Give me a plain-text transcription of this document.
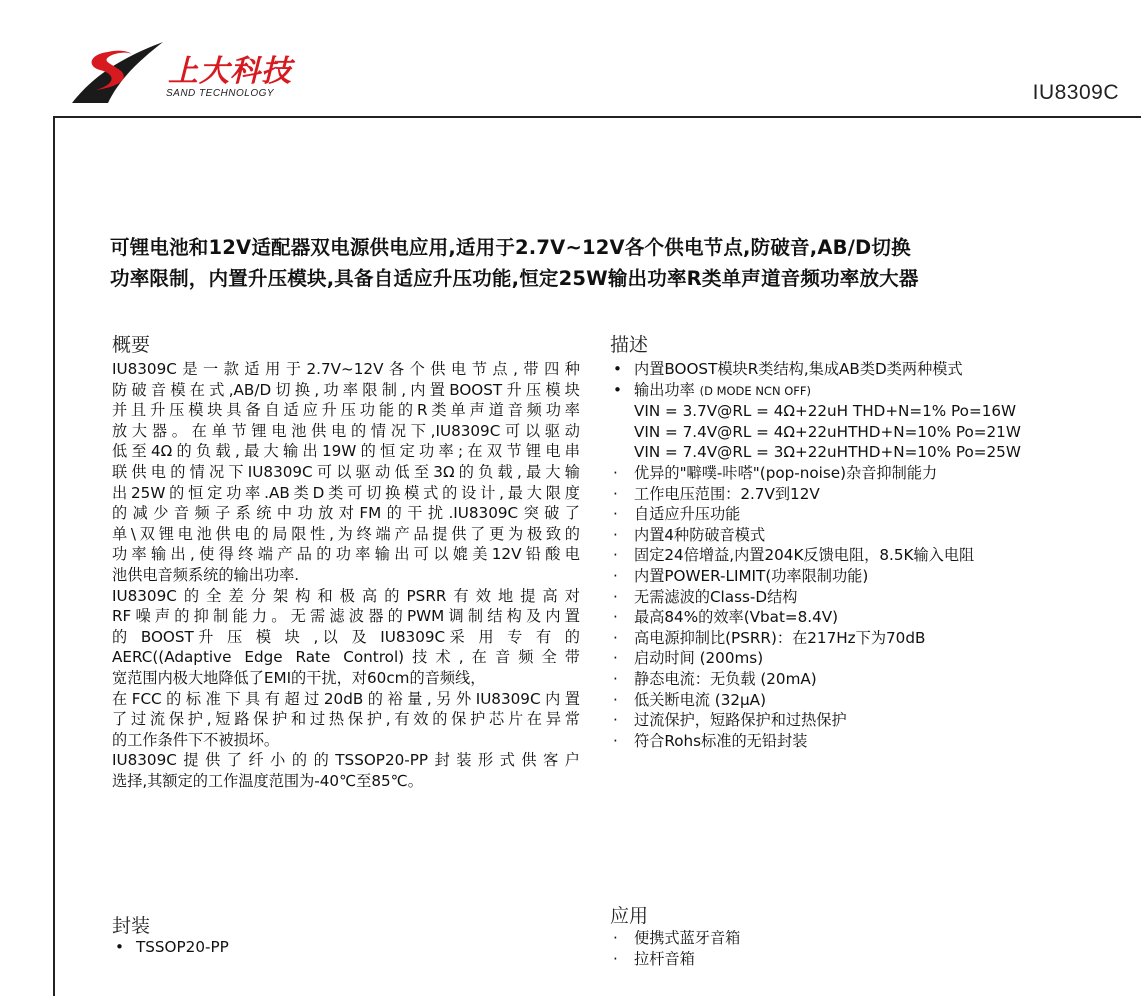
上大科技
SAND TECHNOLOGY	IU8309C
可锂电池和12V适配器双电源供电应用,适用于2.7V~12V各个供电节点,防破音,AB/D切换
功率限制，内置升压模块,具备自适应升压功能,恒定25W输出功率R类单声道音频功率放大器
概要

IU8309C是一款适用于2.7V~12V各个供电节点,带四种

防破音模在式,AB/D切换,功率限制,内置BOOST升压模块

并且升压模块具备自适应升压功能的R类单声道音频功率

放大器。在单节锂电池供电的情况下,IU8309C可以驱动

低至4Ω的负载,最大输出19W的恒定功率;在双节锂电串

联供电的情况下IU8309C可以驱动低至3Ω的负载,最大输

出25W的恒定功率.AB类D类可切换模式的设计,最大限度

的减少音频子系统中功放对FM的干扰.IU8309C突破了

单\双锂电池供电的局限性,为终端产品提供了更为极致的

功率输出,使得终端产品的功率输出可以媲美12V铅酸电

池供电音频系统的输出功率.

IU8309C的全差分架构和极高的PSRR有效地提高对

RF噪声的抑制能力。无需滤波器的PWM调制结构及内置

的 BOOST升 压 模 块 ,以 及 IU8309C采 用 专 有 的

AERC((Adaptive Edge Rate Control)技术,在音频全带

宽范围内极大地降低了EMI的干扰，对60cm的音频线，

在FCC的标准下具有超过20dB的裕量,另外IU8309C内置

了过流保护,短路保护和过热保护,有效的保护芯片在异常

的工作条件下不被损坏。

IU8309C提供了纤小的的TSSOP20-PP封装形式供客户

选择,其额定的工作温度范围为-40℃至85℃。

描述
• 内置BOOST模块R类结构,集成AB类D类两种模式
• 输出功率 (D MODE NCN OFF)
VIN = 3.7V@RL = 4Ω+22uH THD+N=1% Po=16W
VIN = 7.4V@RL = 4Ω+22uHTHD+N=10% Po=21W
VIN = 7.4V@RL = 3Ω+22uHTHD+N=10% Po=25W
· 优异的"噼噗-咔嗒"(pop-noise)杂音抑制能力
· 工作电压范围：2.7V到12V
· 自适应升压功能
· 内置4种防破音模式
· 固定24倍增益,内置204K反馈电阻，8.5K输入电阻
· 内置POWER-LIMIT(功率限制功能)
· 无需滤波的Class-D结构
· 最高84%的效率(Vbat=8.4V)
· 高电源抑制比(PSRR)：在217Hz下为70dB
· 启动时间 (200ms)
· 静态电流：无负载 (20mA)
· 低关断电流 (32μA)
· 过流保护，短路保护和过热保护
· 符合Rohs标准的无铅封装
封装
• TSSOP20-PP
应用
· 便携式蓝牙音箱
· 拉杆音箱
